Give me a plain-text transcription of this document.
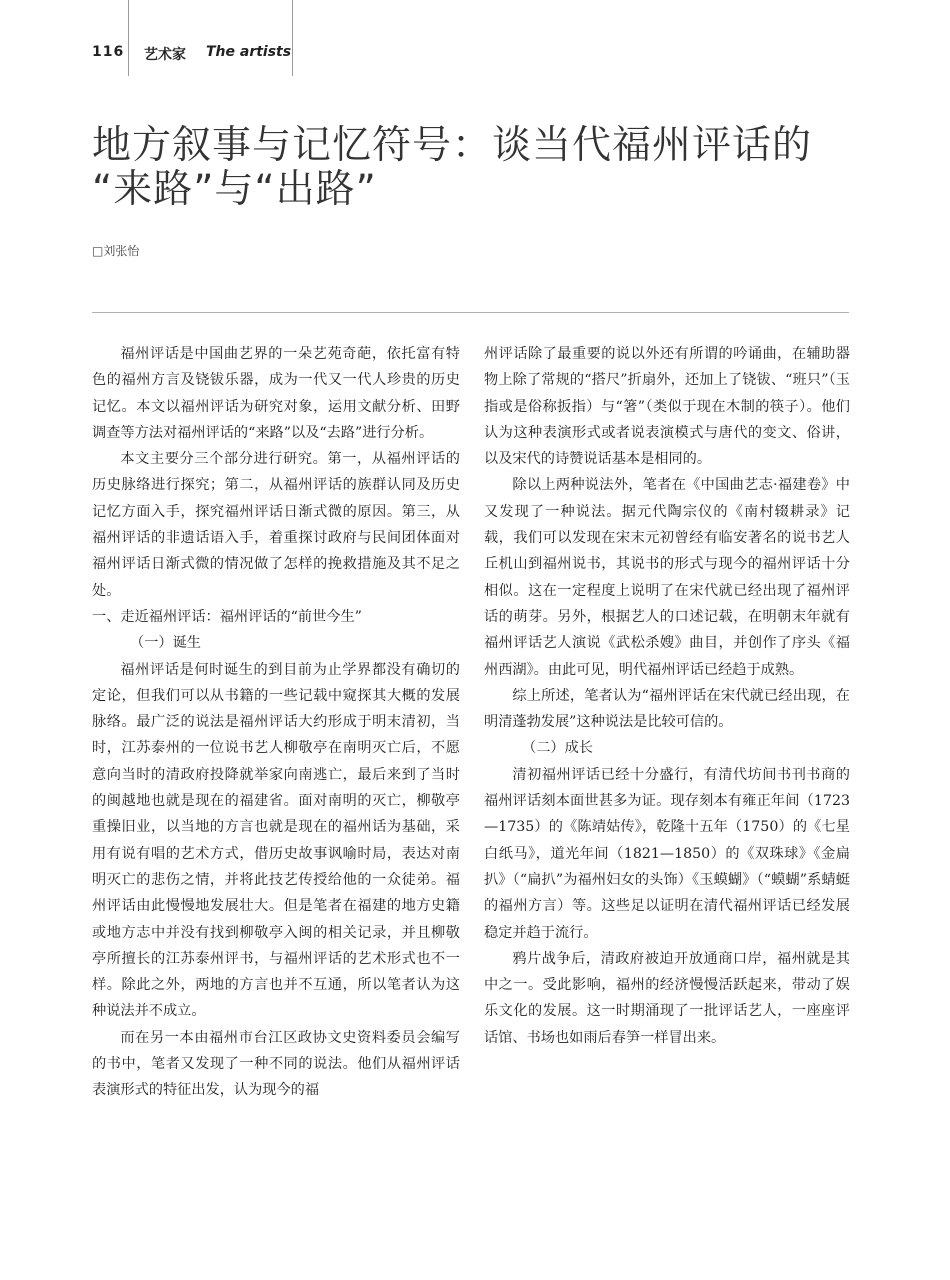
116 艺术家 The artists
地方叙事与记忆符号：谈当代福州评话的
“来路”与“出路”
□刘张怡

福州评话是中国曲艺界的一朵艺苑奇葩，依托富有特色的福州方言及铙钹乐器，成为一代又一代人珍贵的历史记忆。本文以福州评话为研究对象，运用文献分析、田野调查等方法对福州评话的“来路”以及“去路”进行分析。

本文主要分三个部分进行研究。第一，从福州评话的历史脉络进行探究；第二，从福州评话的族群认同及历史记忆方面入手，探究福州评话日渐式微的原因。第三，从福州评话的非遗话语入手，着重探讨政府与民间团体面对福州评话日渐式微的情况做了怎样的挽救措施及其不足之处。

一、走近福州评话：福州评话的“前世今生”

（一）诞生

福州评话是何时诞生的到目前为止学界都没有确切的定论，但我们可以从书籍的一些记载中窥探其大概的发展脉络。最广泛的说法是福州评话大约形成于明末清初，当时，江苏泰州的一位说书艺人柳敬亭在南明灭亡后，不愿意向当时的清政府投降就举家向南逃亡，最后来到了当时的闽越地也就是现在的福建省。面对南明的灭亡，柳敬亭重操旧业，以当地的方言也就是现在的福州话为基础，采用有说有唱的艺术方式，借历史故事讽喻时局，表达对南明灭亡的悲伤之情，并将此技艺传授给他的一众徒弟。福州评话由此慢慢地发展壮大。但是笔者在福建的地方史籍或地方志中并没有找到柳敬亭入闽的相关记录，并且柳敬亭所擅长的江苏泰州评书，与福州评话的艺术形式也不一样。除此之外，两地的方言也并不互通，所以笔者认为这种说法并不成立。

而在另一本由福州市台江区政协文史资料委员会编写的书中，笔者又发现了一种不同的说法。他们从福州评话表演形式的特征出发，认为现今的福

州评话除了最重要的说以外还有所谓的吟诵曲，在辅助器物上除了常规的“搭尺”折扇外，还加上了铙钹、“班只”（玉指或是俗称扳指）与“箸”（类似于现在木制的筷子）。他们认为这种表演形式或者说表演模式与唐代的变文、俗讲，以及宋代的诗赞说话基本是相同的。

除以上两种说法外，笔者在《中国曲艺志·福建卷》中又发现了一种说法。据元代陶宗仪的《南村辍耕录》记载，我们可以发现在宋末元初曾经有临安著名的说书艺人丘机山到福州说书，其说书的形式与现今的福州评话十分相似。这在一定程度上说明了在宋代就已经出现了福州评话的萌芽。另外，根据艺人的口述记载，在明朝末年就有福州评话艺人演说《武松杀嫂》曲目，并创作了序头《福州西湖》。由此可见，明代福州评话已经趋于成熟。

综上所述，笔者认为“福州评话在宋代就已经出现，在明清蓬勃发展”这种说法是比较可信的。

（二）成长

清初福州评话已经十分盛行，有清代坊间书刊书商的福州评话刻本面世甚多为证。现存刻本有雍正年间（1723—1735）的《陈靖姑传》，乾隆十五年（1750）的《七星白纸马》，道光年间（1821—1850）的《双珠球》《金扁扒》（“扁扒”为福州妇女的头饰）《玉蟆蝴》（“蟆蝴”系蜻蜓的福州方言）等。这些足以证明在清代福州评话已经发展稳定并趋于流行。

鸦片战争后，清政府被迫开放通商口岸，福州就是其中之一。受此影响，福州的经济慢慢活跃起来，带动了娱乐文化的发展。这一时期涌现了一批评话艺人，一座座评话馆、书场也如雨后春笋一样冒出来。
